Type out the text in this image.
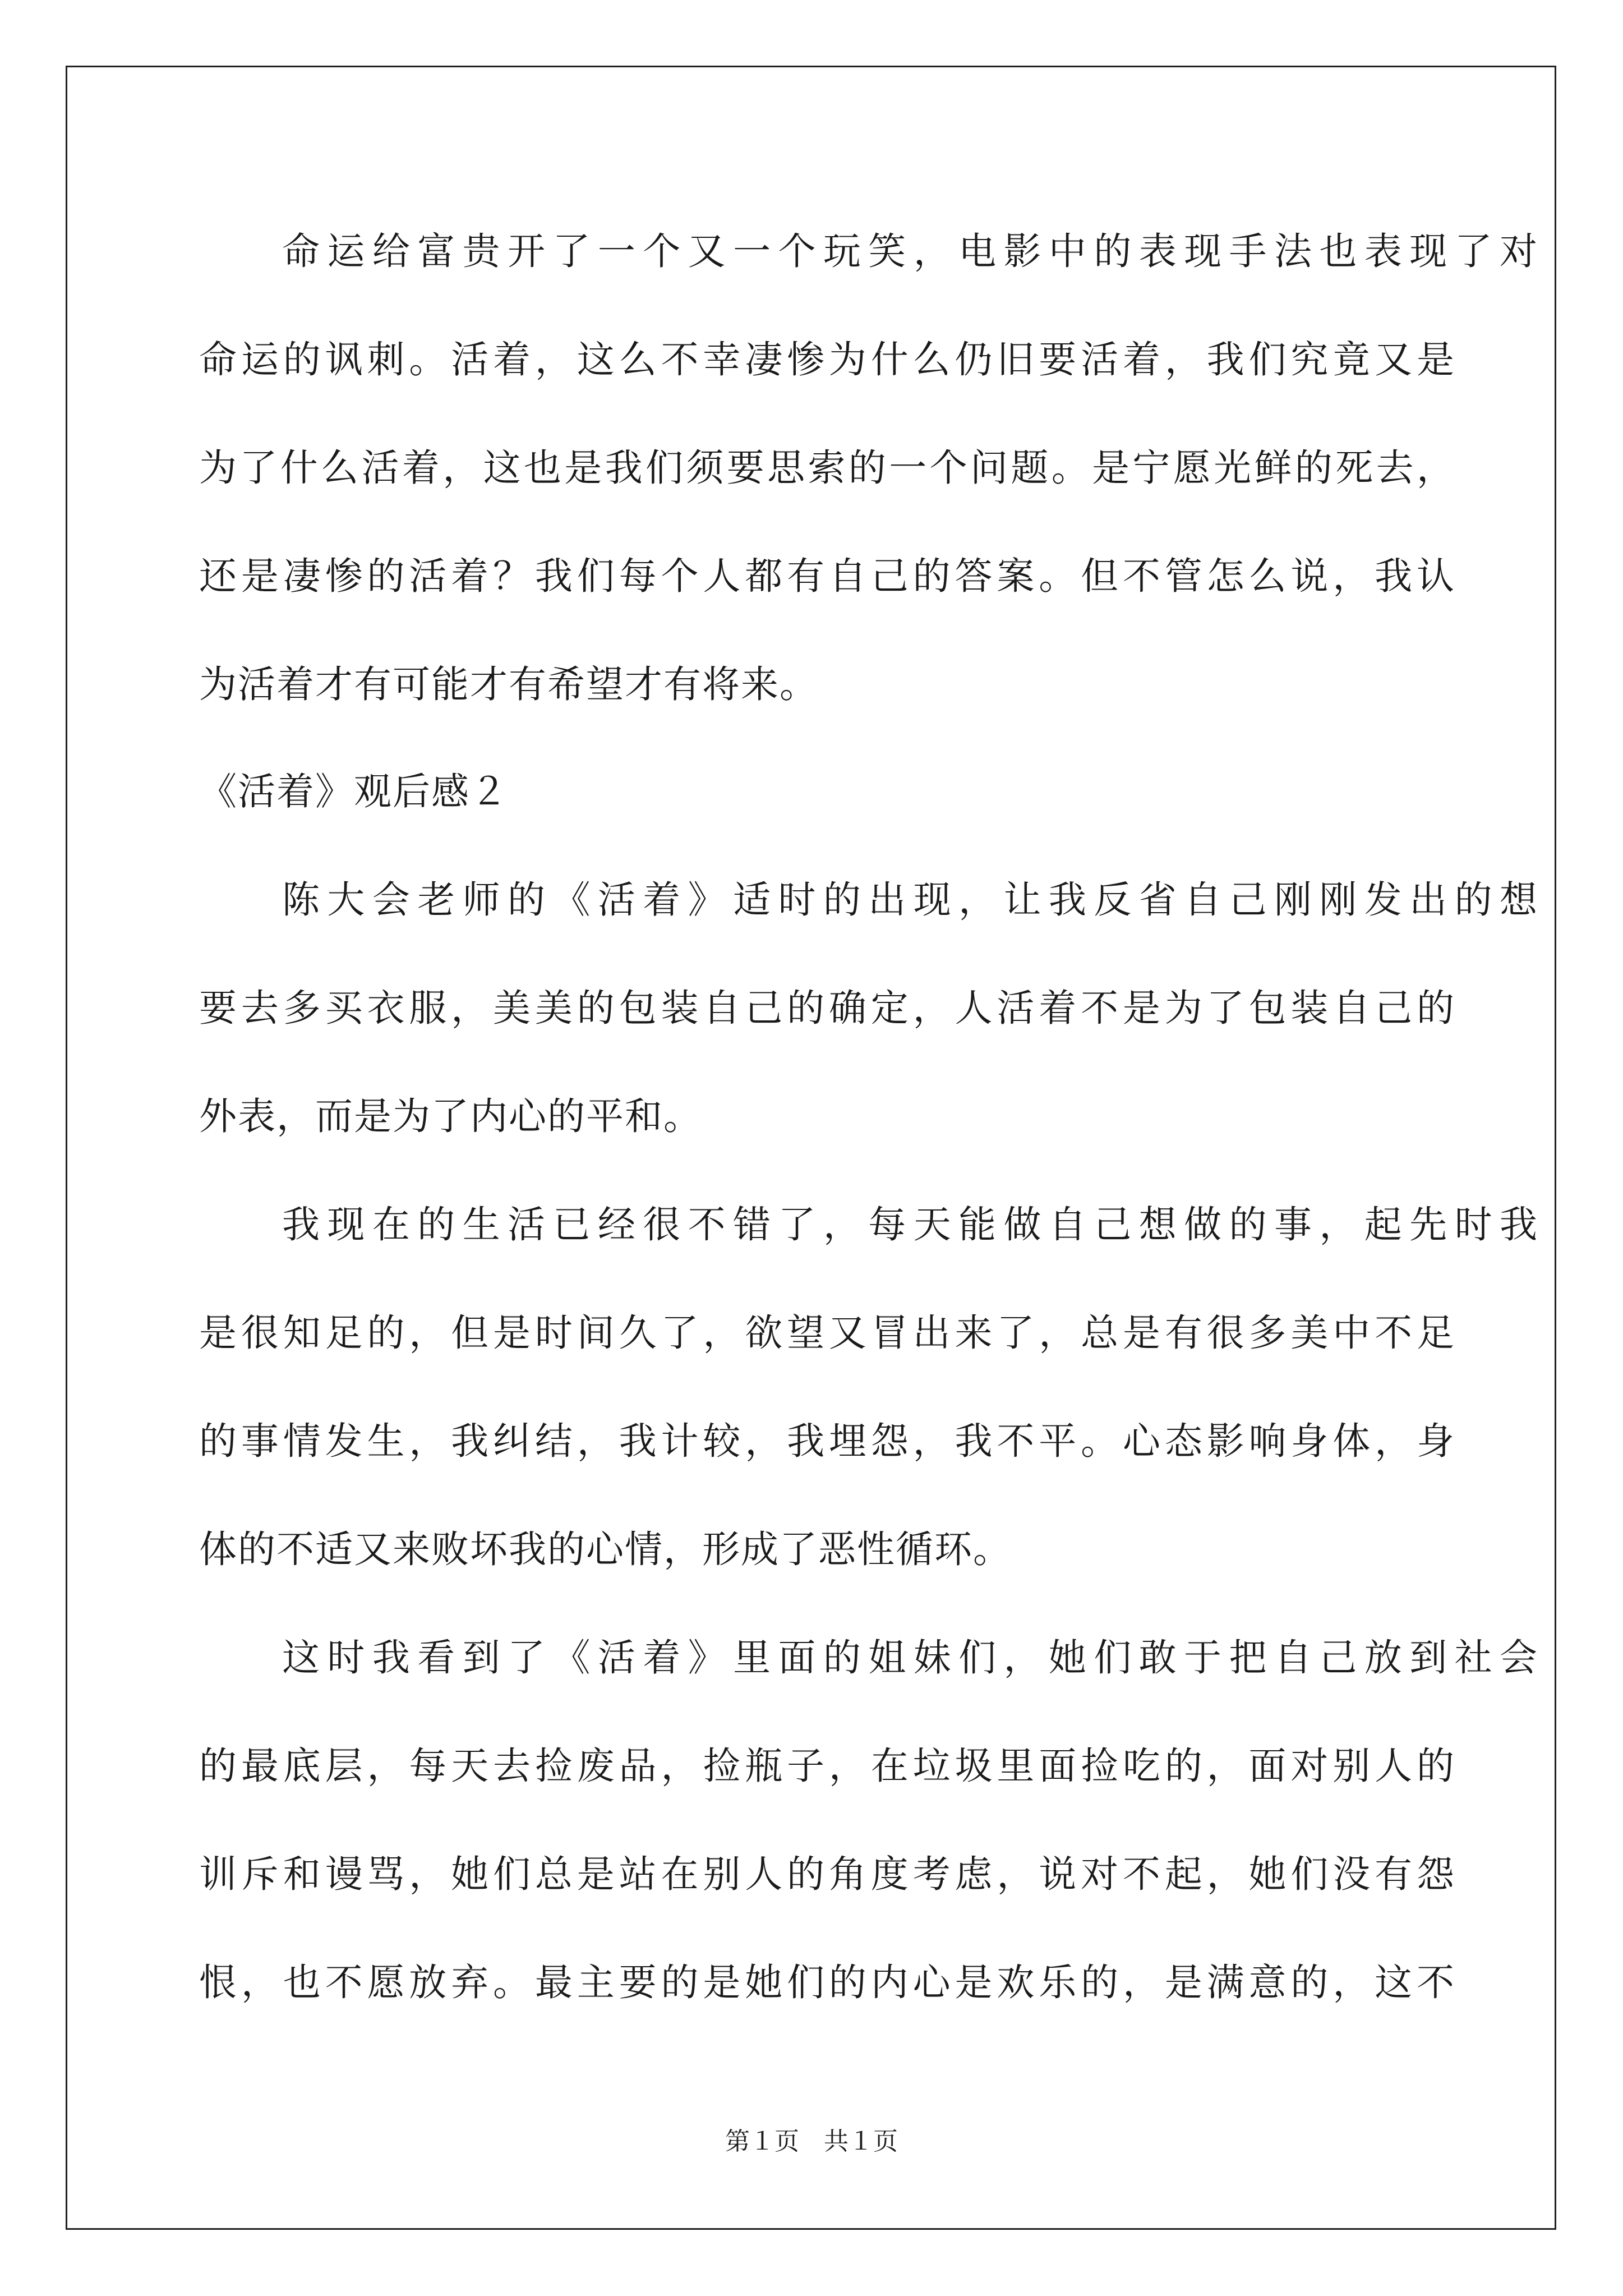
命运给富贵开了一个又一个玩笑，电影中的表现手法也表现了对
命运的讽刺。活着，这么不幸凄惨为什么仍旧要活着，我们究竟又是
为了什么活着，这也是我们须要思索的一个问题。是宁愿光鲜的死去，
还是凄惨的活着？我们每个人都有自己的答案。但不管怎么说，我认
为活着才有可能才有希望才有将来。
《活着》观后感２
陈大会老师的《活着》适时的出现，让我反省自己刚刚发出的想
要去多买衣服，美美的包装自己的确定，人活着不是为了包装自己的
外表，而是为了内心的平和。
我现在的生活已经很不错了，每天能做自己想做的事，起先时我
是很知足的，但是时间久了，欲望又冒出来了，总是有很多美中不足
的事情发生，我纠结，我计较，我埋怨，我不平。心态影响身体，身
体的不适又来败坏我的心情，形成了恶性循环。
这时我看到了《活着》里面的姐妹们，她们敢于把自己放到社会
的最底层，每天去捡废品，捡瓶子，在垃圾里面捡吃的，面对别人的
训斥和谩骂，她们总是站在别人的角度考虑，说对不起，她们没有怨
恨，也不愿放弃。最主要的是她们的内心是欢乐的，是满意的，这不
第１页　共１页
